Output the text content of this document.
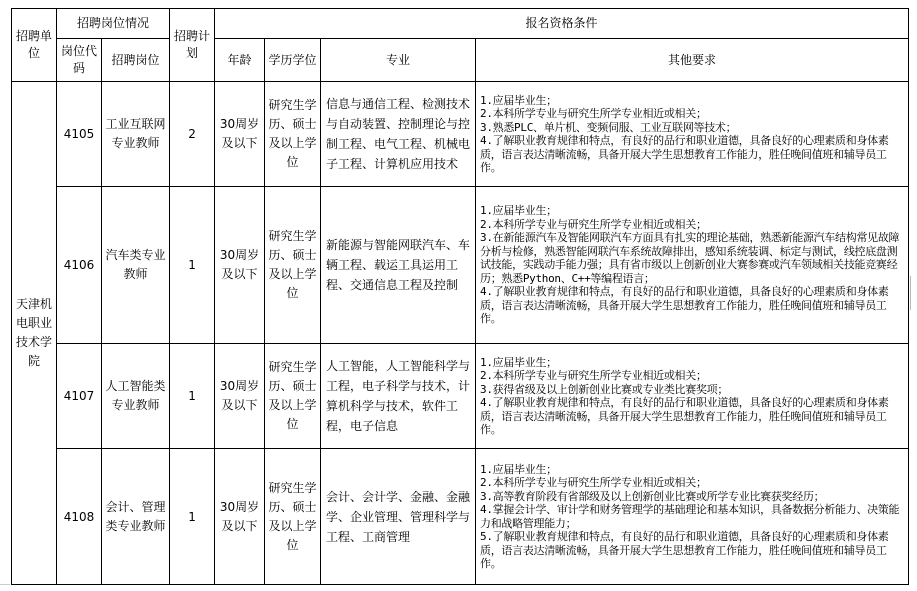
招聘单位	招聘岗位情况		招聘计划	报名资格条件			
	岗位代码	招聘岗位		年龄	学历学位	专业	其他要求
天津机电职业技术学院	4105	工业互联网专业教师	2	30周岁及以下	研究生学历、硕士及以上学位	信息与通信工程、检测技术与自动装置、控制理论与控制工程、电气工程、机械电子工程、计算机应用技术	1.应届毕业生；
2.本科所学专业与研究生所学专业相近或相关；
3.熟悉PLC、单片机、变频伺服、工业互联网等技术；
4.了解职业教育规律和特点，有良好的品行和职业道德，具备良好的心理素质和身体素质，语言表达清晰流畅，具备开展大学生思想教育工作能力，胜任晚间值班和辅导员工作。

	4106	汽车类专业教师	1	30周岁及以下	研究生学历、硕士及以上学位	新能源与智能网联汽车、车辆工程、载运工具运用工程、交通信息工程及控制	1.应届毕业生；
2.本科所学专业与研究生所学专业相近或相关；
3.在新能源汽车及智能网联汽车方面具有扎实的理论基础，熟悉新能源汽车结构常见故障分析与检修，熟悉智能网联汽车系统故障排出，感知系统装调、标定与测试，线控底盘测试技能，实践动手能力强；具有省市级以上创新创业大赛参赛或汽车领域相关技能竞赛经历；熟悉Python、C++等编程语言；
4.了解职业教育规律和特点，有良好的品行和职业道德，具备良好的心理素质和身体素质，语言表达清晰流畅，具备开展大学生思想教育工作能力，胜任晚间值班和辅导员工作。

	4107	人工智能类专业教师	1	30周岁及以下	研究生学历、硕士及以上学位	人工智能，人工智能科学与工程，电子科学与技术，计算机科学与技术，软件工程，电子信息	1.应届毕业生；
2.本科所学专业与研究生所学专业相近或相关；
3.获得省级及以上创新创业比赛或专业类比赛奖项；
4.了解职业教育规律和特点，有良好的品行和职业道德，具备良好的心理素质和身体素质，语言表达清晰流畅，具备开展大学生思想教育工作能力，胜任晚间值班和辅导员工作。

	4108	会计、管理类专业教师	1	30周岁及以下	研究生学历、硕士及以上学位	会计、会计学、金融、金融学、企业管理、管理科学与工程、工商管理	1.应届毕业生；
2.本科所学专业与研究生所学专业相近或相关；
3.高等教育阶段有省部级及以上创新创业比赛或所学专业比赛获奖经历；
4.掌握会计学、审计学和财务管理学的基础理论和基本知识，具备数据分析能力、决策能力和战略管理能力；
5.了解职业教育规律和特点，有良好的品行和职业道德，具备良好的心理素质和身体素质，语言表达清晰流畅，具备开展大学生思想教育工作能力，胜任晚间值班和辅导员工作。
